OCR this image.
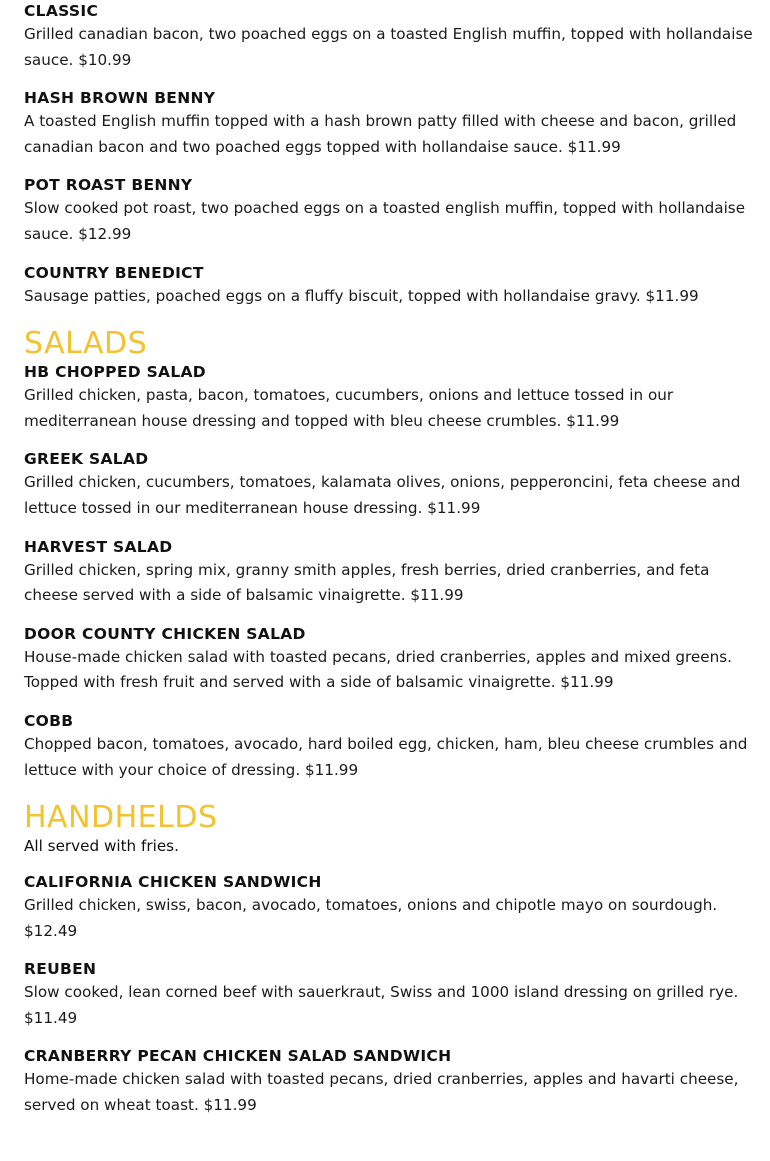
CLASSIC

Grilled canadian bacon, two poached eggs on a toasted English muffin, topped with hollandaise sauce. $10.99

HASH BROWN BENNY

A toasted English muffin topped with a hash brown patty filled with cheese and bacon, grilled canadian bacon and two poached eggs topped with hollandaise sauce. $11.99

POT ROAST BENNY

Slow cooked pot roast, two poached eggs on a toasted english muffin, topped with hollandaise sauce. $12.99

COUNTRY BENEDICT

Sausage patties, poached eggs on a fluffy biscuit, topped with hollandaise gravy. $11.99

SALADS

HB CHOPPED SALAD

Grilled chicken, pasta, bacon, tomatoes, cucumbers, onions and lettuce tossed in our mediterranean house dressing and topped with bleu cheese crumbles. $11.99

GREEK SALAD

Grilled chicken, cucumbers, tomatoes, kalamata olives, onions, pepperoncini, feta cheese and lettuce tossed in our mediterranean house dressing. $11.99

HARVEST SALAD

Grilled chicken, spring mix, granny smith apples, fresh berries, dried cranberries, and feta cheese served with a side of balsamic vinaigrette. $11.99

DOOR COUNTY CHICKEN SALAD

House-made chicken salad with toasted pecans, dried cranberries, apples and mixed greens. Topped with fresh fruit and served with a side of balsamic vinaigrette. $11.99

COBB

Chopped bacon, tomatoes, avocado, hard boiled egg, chicken, ham, bleu cheese crumbles and lettuce with your choice of dressing. $11.99

HANDHELDS

All served with fries.

CALIFORNIA CHICKEN SANDWICH

Grilled chicken, swiss, bacon, avocado, tomatoes, onions and chipotle mayo on sourdough. $12.49

REUBEN

Slow cooked, lean corned beef with sauerkraut, Swiss and 1000 island dressing on grilled rye. $11.49

CRANBERRY PECAN CHICKEN SALAD SANDWICH

Home-made chicken salad with toasted pecans, dried cranberries, apples and havarti cheese, served on wheat toast. $11.99
